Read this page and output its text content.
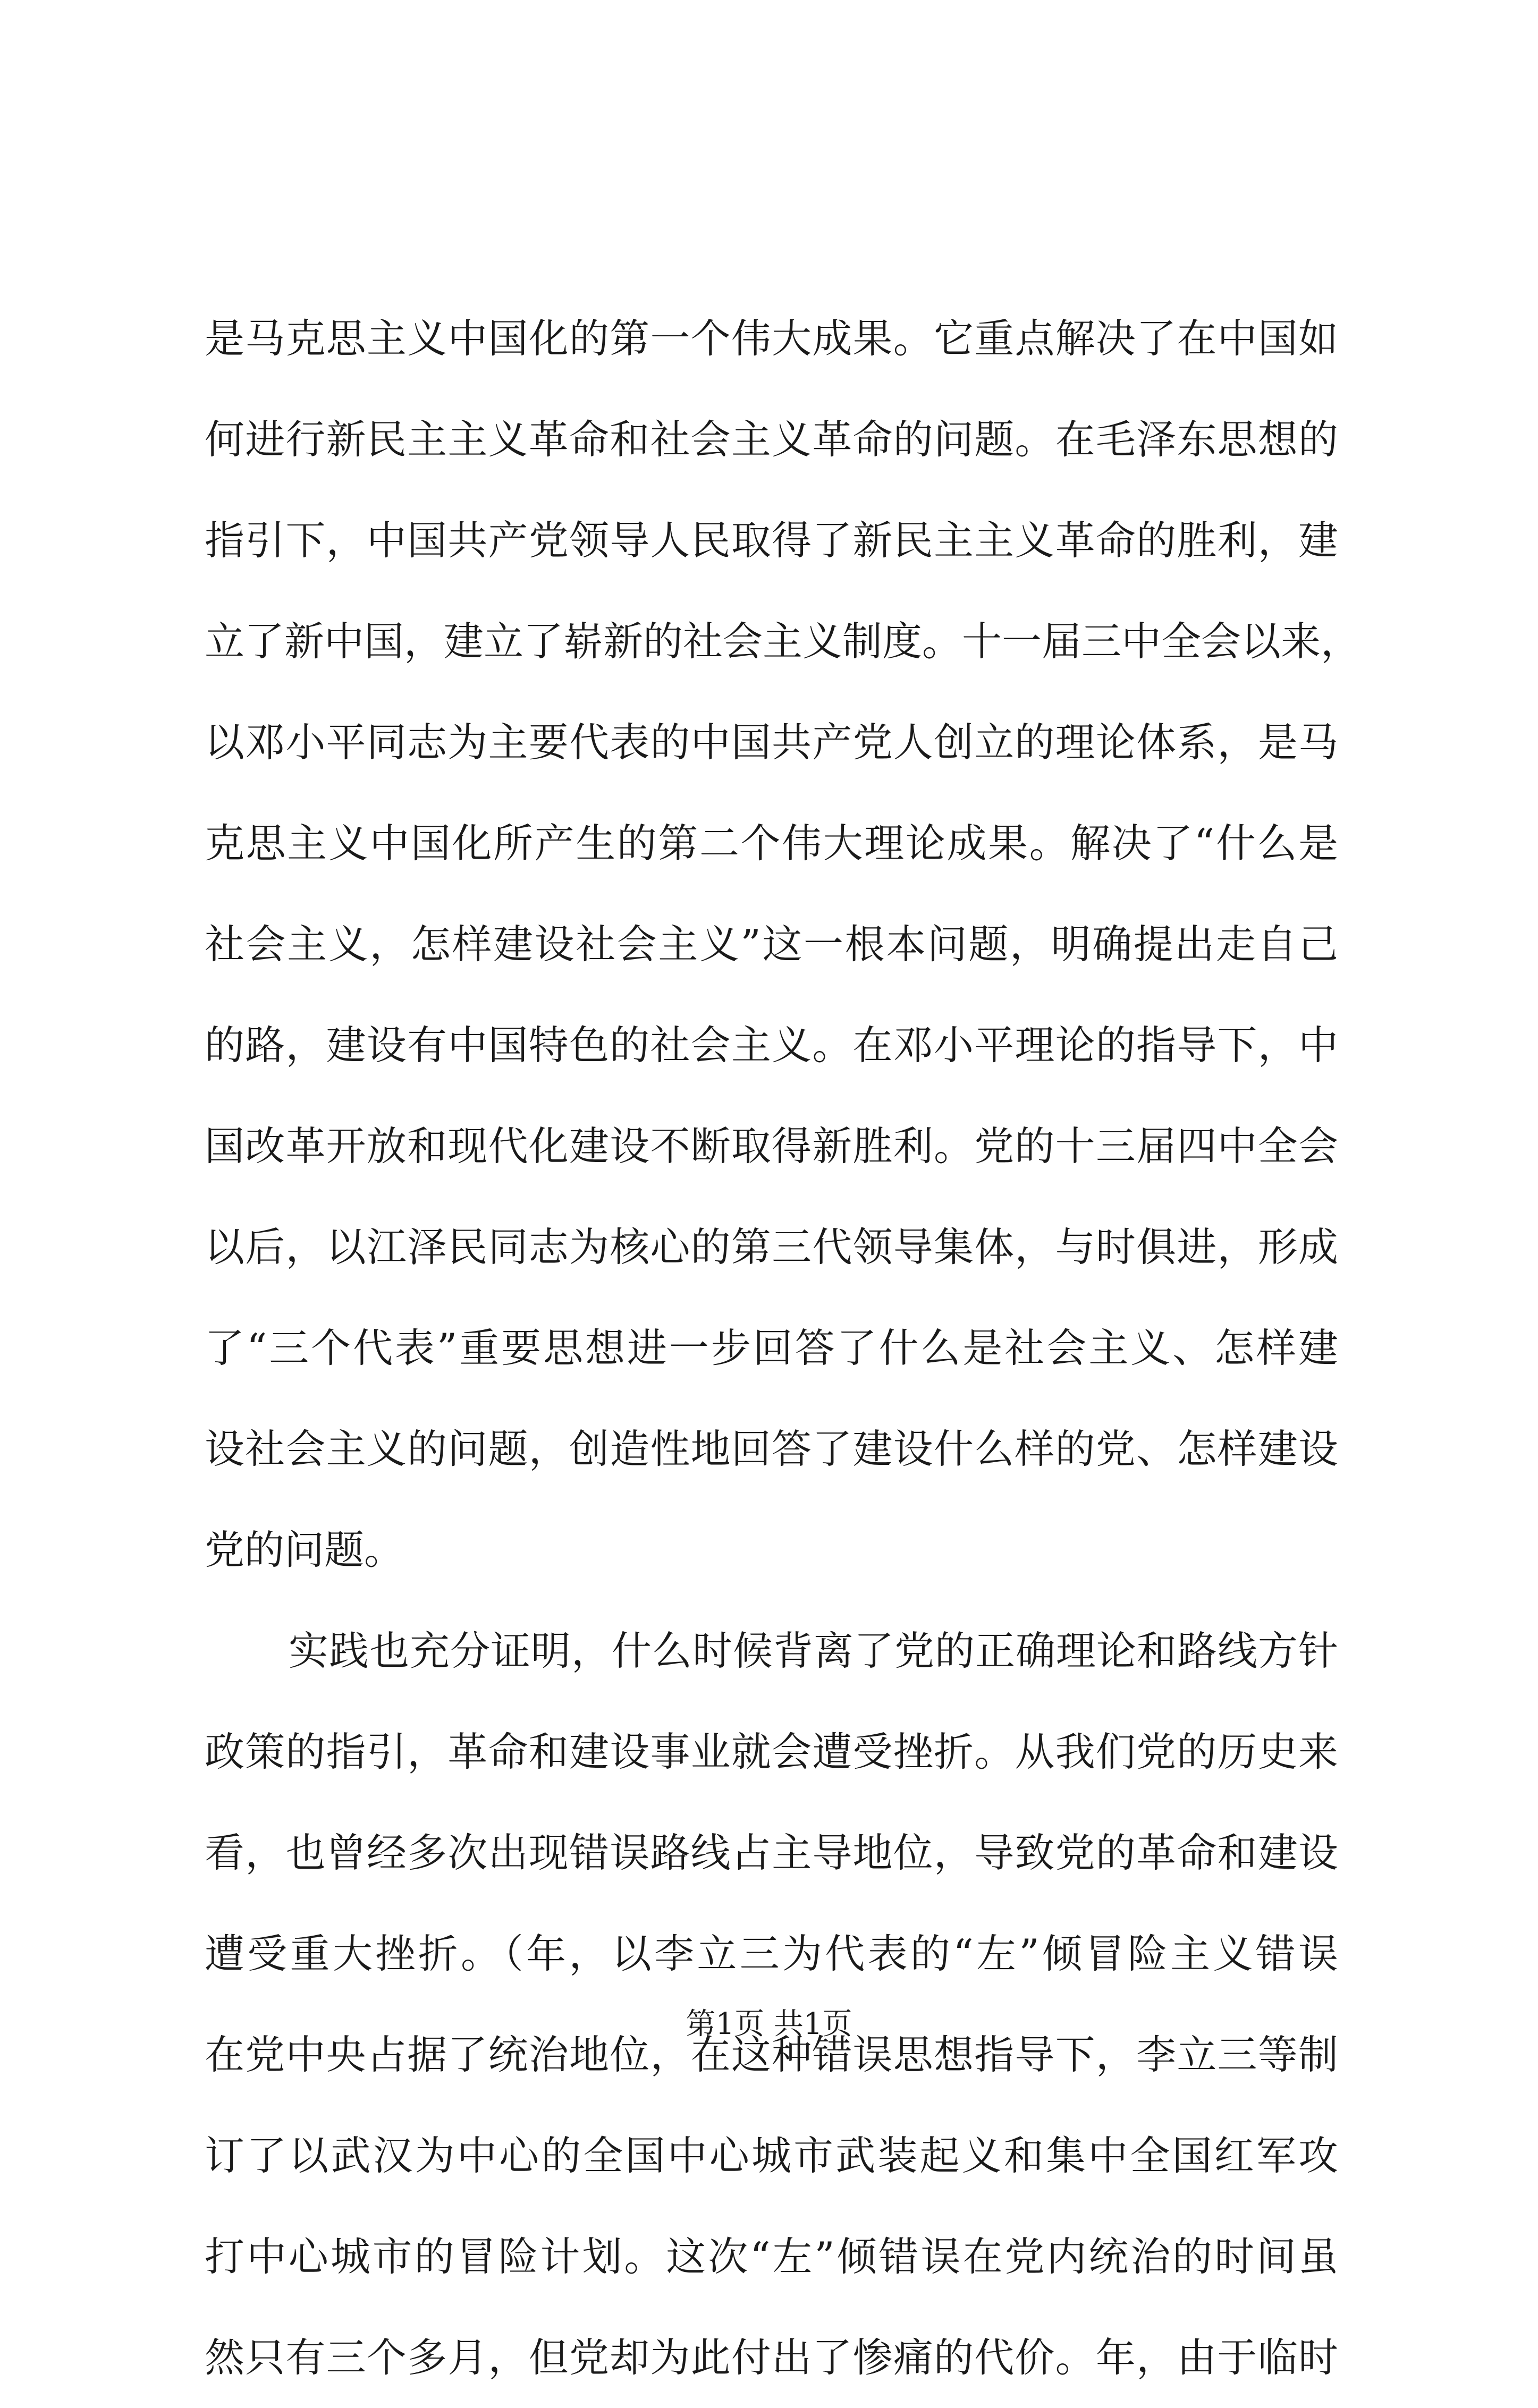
是马克思主义中国化的第一个伟大成果。它重点解决了在中国如
何进行新民主主义革命和社会主义革命的问题。在毛泽东思想的
指引下，中国共产党领导人民取得了新民主主义革命的胜利，建
立了新中国，建立了崭新的社会主义制度。十一届三中全会以来，
以邓小平同志为主要代表的中国共产党人创立的理论体系，是马
克思主义中国化所产生的第二个伟大理论成果。解决了“什么是
社会主义，怎样建设社会主义”这一根本问题，明确提出走自己
的路，建设有中国特色的社会主义。在邓小平理论的指导下，中
国改革开放和现代化建设不断取得新胜利。党的十三届四中全会
以后，以江泽民同志为核心的第三代领导集体，与时俱进，形成
了“三个代表”重要思想进一步回答了什么是社会主义、怎样建
设社会主义的问题，创造性地回答了建设什么样的党、怎样建设
党的问题。
实践也充分证明，什么时候背离了党的正确理论和路线方针
政策的指引，革命和建设事业就会遭受挫折。从我们党的历史来
看，也曾经多次出现错误路线占主导地位，导致党的革命和建设
遭受重大挫折。（年，以李立三为代表的“左”倾冒险主义错误
在党中央占据了统治地位，在这种错误思想指导下，李立三等制
订了以武汉为中心的全国中心城市武装起义和集中全国红军攻
打中心城市的冒险计划。这次“左”倾错误在党内统治的时间虽
然只有三个多月，但党却为此付出了惨痛的代价。年，由于临时
第1页 共1页
